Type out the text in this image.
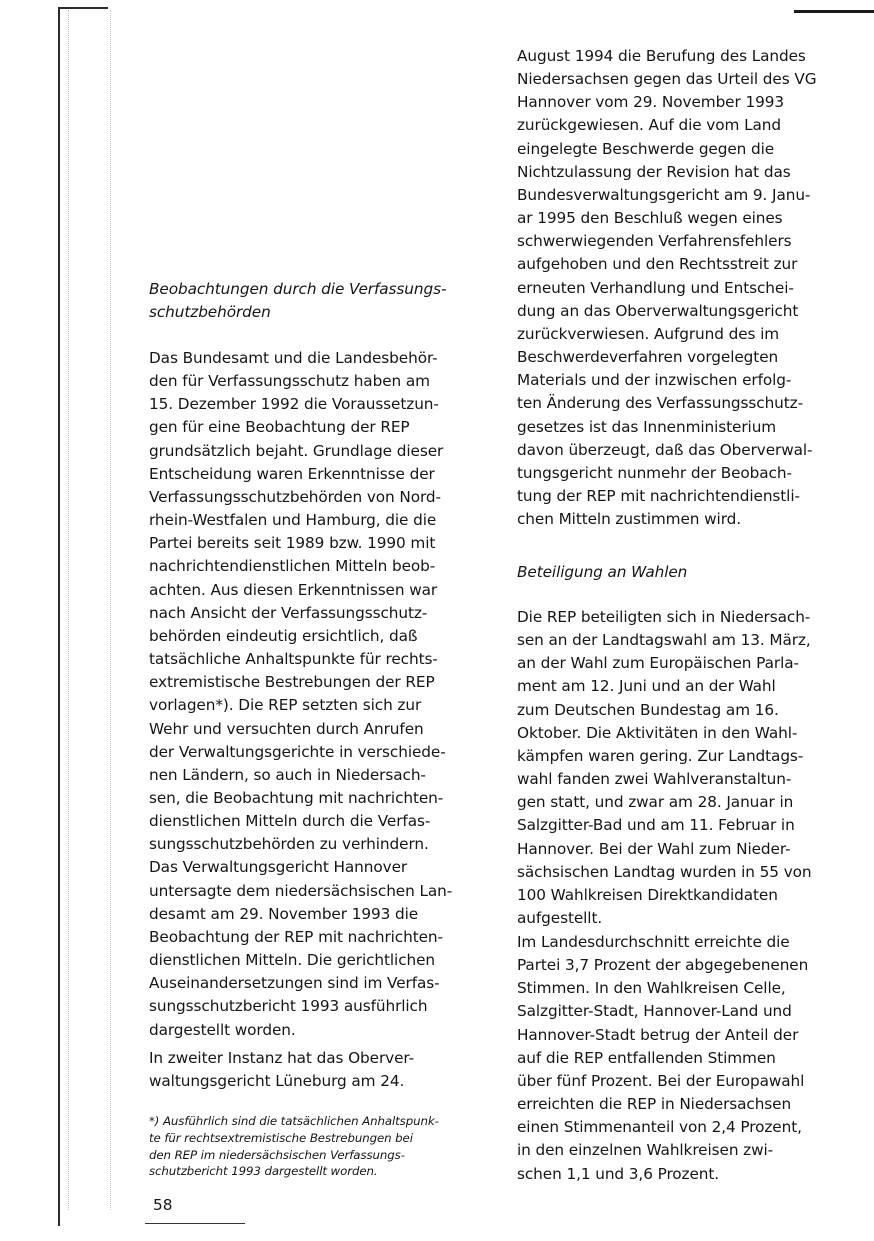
Beobachtungen durch die Verfassungs- schutzbehörden

Das Bundesamt und die Landesbehör-
den für Verfassungsschutz haben am
15. Dezember 1992 die Voraussetzun-
gen für eine Beobachtung der REP
grundsätzlich bejaht. Grundlage dieser
Entscheidung waren Erkenntnisse der
Verfassungsschutzbehörden von Nord-
rhein-Westfalen und Hamburg, die die
Partei bereits seit 1989 bzw. 1990 mit
nachrichtendienstlichen Mitteln beob-
achten. Aus diesen Erkenntnissen war
nach Ansicht der Verfassungsschutz-
behörden eindeutig ersichtlich, daß
tatsächliche Anhaltspunkte für rechts-
extremistische Bestrebungen der REP
vorlagen*). Die REP setzten sich zur
Wehr und versuchten durch Anrufen
der Verwaltungsgerichte in verschiede-
nen Ländern, so auch in Niedersach-
sen, die Beobachtung mit nachrichten-
dienstlichen Mitteln durch die Verfas-
sungsschutzbehörden zu verhindern.
Das Verwaltungsgericht Hannover
untersagte dem niedersächsischen Lan-
desamt am 29. November 1993 die
Beobachtung der REP mit nachrichten-
dienstlichen Mitteln. Die gerichtlichen
Auseinandersetzungen sind im Verfas-
sungsschutzbericht 1993 ausführlich
dargestellt worden.

In zweiter Instanz hat das Oberver-
waltungsgericht Lüneburg am 24.

*) Ausführlich sind die tatsächlichen Anhaltspunk-
te für rechtsextremistische Bestrebungen bei
den REP im niedersächsischen Verfassungs-
schutzbericht 1993 dargestellt worden.

August 1994 die Berufung des Landes
Niedersachsen gegen das Urteil des VG
Hannover vom 29. November 1993
zurückgewiesen. Auf die vom Land
eingelegte Beschwerde gegen die
Nichtzulassung der Revision hat das
Bundesverwaltungsgericht am 9. Janu-
ar 1995 den Beschluß wegen eines
schwerwiegenden Verfahrensfehlers
aufgehoben und den Rechtsstreit zur
erneuten Verhandlung und Entschei-
dung an das Oberverwaltungsgericht
zurückverwiesen. Aufgrund des im
Beschwerdeverfahren vorgelegten
Materials und der inzwischen erfolg-
ten Änderung des Verfassungsschutz-
gesetzes ist das Innenministerium
davon überzeugt, daß das Oberverwal-
tungsgericht nunmehr der Beobach-
tung der REP mit nachrichtendienstli-
chen Mitteln zustimmen wird.

Beteiligung an Wahlen

Die REP beteiligten sich in Niedersach-
sen an der Landtagswahl am 13. März,
an der Wahl zum Europäischen Parla-
ment am 12. Juni und an der Wahl
zum Deutschen Bundestag am 16.
Oktober. Die Aktivitäten in den Wahl-
kämpfen waren gering. Zur Landtags-
wahl fanden zwei Wahlveranstaltun-
gen statt, und zwar am 28. Januar in
Salzgitter-Bad und am 11. Februar in
Hannover. Bei der Wahl zum Nieder-
sächsischen Landtag wurden in 55 von
100 Wahlkreisen Direktkandidaten
aufgestellt.

Im Landesdurchschnitt erreichte die
Partei 3,7 Prozent der abgegebenenen
Stimmen. In den Wahlkreisen Celle,
Salzgitter-Stadt, Hannover-Land und
Hannover-Stadt betrug der Anteil der
auf die REP entfallenden Stimmen
über fünf Prozent. Bei der Europawahl
erreichten die REP in Niedersachsen
einen Stimmenanteil von 2,4 Prozent,
in den einzelnen Wahlkreisen zwi-
schen 1,1 und 3,6 Prozent.

58
